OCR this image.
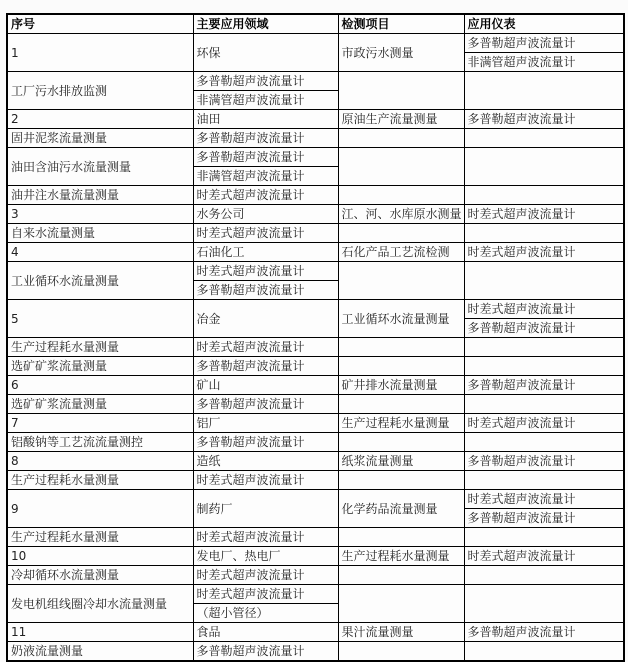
序号	主要应用领域	检测项目	应用仪表
1	环保	市政污水测量	多普勒超声波流量计
			非满管超声波流量计
工厂污水排放监测	多普勒超声波流量计		
	非满管超声波流量计		
2	油田	原油生产流量测量	多普勒超声波流量计
固井泥浆流量测量	多普勒超声波流量计		
油田含油污水流量测量	多普勒超声波流量计		
	非满管超声波流量计		
油井注水量流量测量	时差式超声波流量计		
3	水务公司	江、河、水库原水测量	时差式超声波流量计
自来水流量测量	时差式超声波流量计		
4	石油化工	石化产品工艺流检测	时差式超声波流量计
工业循环水流量测量	时差式超声波流量计		
	多普勒超声波流量计		
5	冶金	工业循环水流量测量	时差式超声波流量计
			多普勒超声波流量计
生产过程耗水量测量	时差式超声波流量计		
选矿矿浆流量测量	多普勒超声波流量计		
6	矿山	矿井排水流量测量	多普勒超声波流量计
选矿矿浆流量测量	多普勒超声波流量计		
7	铝厂	生产过程耗水量测量	时差式超声波流量计
铝酸钠等工艺流流量测控	多普勒超声波流量计		
8	造纸	纸浆流量测量	多普勒超声波流量计
生产过程耗水量测量	时差式超声波流量计		
9	制药厂	化学药品流量测量	时差式超声波流量计
			多普勒超声波流量计
生产过程耗水量测量	时差式超声波流量计		
10	发电厂、热电厂	生产过程耗水量测量	时差式超声波流量计
冷却循环水流量测量	时差式超声波流量计		
发电机组线圈冷却水流量测量	时差式超声波流量计		
	（超小管径）		
11	食品	果汁流量测量	多普勒超声波流量计
奶液流量测量	多普勒超声波流量计		
